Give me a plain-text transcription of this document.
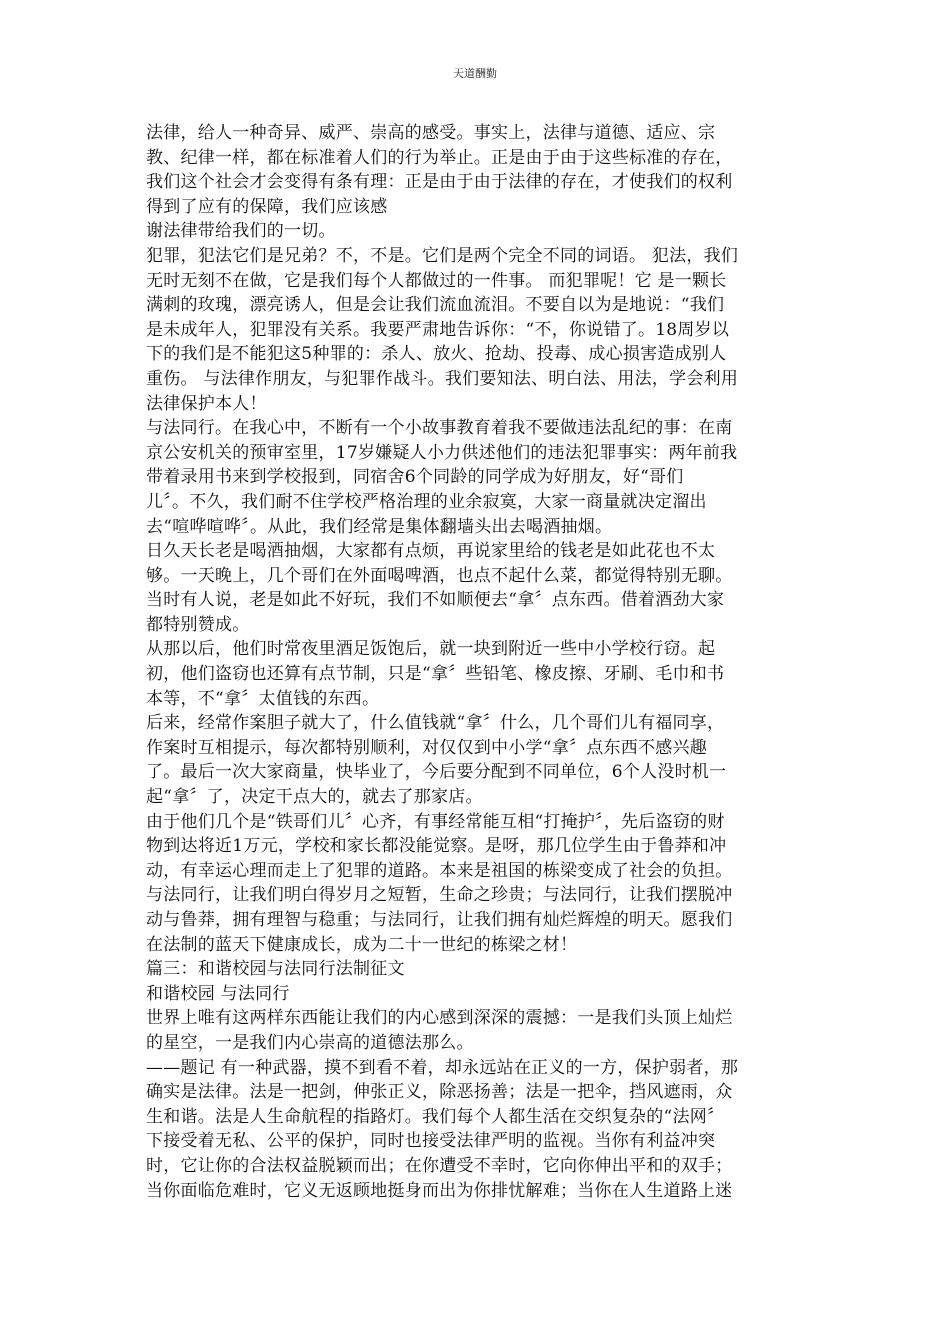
天道酬勤

法律，给人一种奇异、威严、崇高的感受。事实上，法律与道德、适应、宗
教、纪律一样，都在标准着人们的行为举止。正是由于由于这些标准的存在，
我们这个社会才会变得有条有理：正是由于由于法律的存在，才使我们的权利
得到了应有的保障，我们应该感

谢法律带给我们的一切。

犯罪，犯法它们是兄弟？不，不是。它们是两个完全不同的词语。 犯法，我们
无时无刻不在做，它是我们每个人都做过的一件事。 而犯罪呢！它 是一颗长
满刺的玫瑰，漂亮诱人，但是会让我们流血流泪。不要自以为是地说：“我们
是未成年人，犯罪没有关系。我要严肃地告诉你：“不，你说错了。18周岁以
下的我们是不能犯这5种罪的：杀人、放火、抢劫、投毒、成心损害造成别人
重伤。 与法律作朋友，与犯罪作战斗。我们要知法、明白法、用法，学会利用
法律保护本人！

与法同行。在我心中，不断有一个小故事教育着我不要做违法乱纪的事：在南
京公安机关的预审室里，17岁嫌疑人小力供述他们的违法犯罪事实：两年前我
带着录用书来到学校报到，同宿舍6个同龄的同学成为好朋友，好“哥们
儿〞。不久，我们耐不住学校严格治理的业余寂寞，大家一商量就决定溜出
去“喧哗喧哗〞。从此，我们经常是集体翻墙头出去喝酒抽烟。

日久天长老是喝酒抽烟，大家都有点烦，再说家里给的钱老是如此花也不太
够。一天晚上，几个哥们在外面喝啤酒，也点不起什么菜，都觉得特别无聊。
当时有人说，老是如此不好玩，我们不如顺便去“拿〞点东西。借着酒劲大家
都特别赞成。

从那以后，他们时常夜里酒足饭饱后，就一块到附近一些中小学校行窃。起
初，他们盗窃也还算有点节制，只是“拿〞些铅笔、橡皮擦、牙刷、毛巾和书
本等，不“拿〞太值钱的东西。

后来，经常作案胆子就大了，什么值钱就“拿〞什么，几个哥们儿有福同享，
作案时互相提示，每次都特别顺利，对仅仅到中小学“拿〞点东西不感兴趣
了。最后一次大家商量，快毕业了，今后要分配到不同单位，6个人没时机一
起“拿〞了，决定干点大的，就去了那家店。

由于他们几个是“铁哥们儿〞心齐，有事经常能互相“打掩护〞，先后盗窃的财
物到达将近1万元，学校和家长都没能觉察。是呀，那几位学生由于鲁莽和冲
动，有幸运心理而走上了犯罪的道路。本来是祖国的栋梁变成了社会的负担。
与法同行，让我们明白得岁月之短暂，生命之珍贵；与法同行，让我们摆脱冲
动与鲁莽，拥有理智与稳重；与法同行，让我们拥有灿烂辉煌的明天。愿我们
在法制的蓝天下健康成长，成为二十一世纪的栋梁之材！

篇三：和谐校园与法同行法制征文

和谐校园 与法同行

世界上唯有这两样东西能让我们的内心感到深深的震撼：一是我们头顶上灿烂
的星空，一是我们内心崇高的道德法那么。

——题记 有一种武器，摸不到看不着，却永远站在正义的一方，保护弱者，那
确实是法律。法是一把剑，伸张正义，除恶扬善；法是一把伞，挡风遮雨，众
生和谐。法是人生命航程的指路灯。我们每个人都生活在交织复杂的“法网〞
下接受着无私、公平的保护，同时也接受法律严明的监视。当你有利益冲突
时，它让你的合法权益脱颖而出；在你遭受不幸时，它向你伸出平和的双手；
当你面临危难时，它义无返顾地挺身而出为你排忧解难；当你在人生道路上迷
